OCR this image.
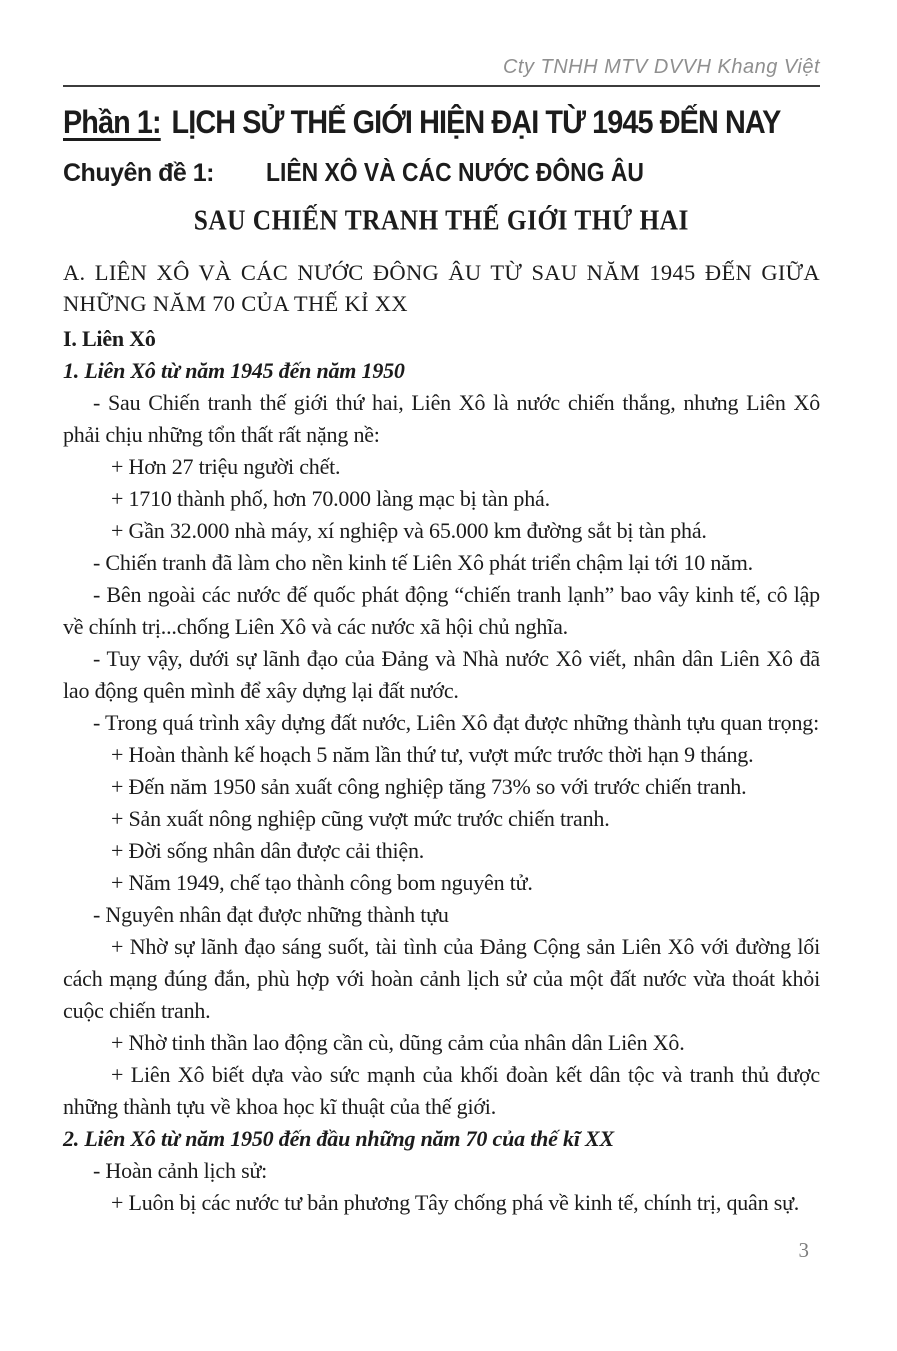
Cty TNHH MTV DVVH Khang Việt
Phần 1: LỊCH SỬ THẾ GIỚI HIỆN ĐẠI TỪ 1945 ĐẾN NAY
Chuyên đề 1: LIÊN XÔ VÀ CÁC NƯỚC ĐÔNG ÂU
SAU CHIẾN TRANH THẾ GIỚI THỨ HAI
A. LIÊN XÔ VÀ CÁC NƯỚC ĐÔNG ÂU TỪ SAU NĂM 1945 ĐẾN GIỮA NHỮNG NĂM 70 CỦA THẾ KỈ XX

I. Liên Xô

1. Liên Xô từ năm 1945 đến năm 1950

- Sau Chiến tranh thế giới thứ hai, Liên Xô là nước chiến thắng, nhưng Liên Xô phải chịu những tổn thất rất nặng nề:

+ Hơn 27 triệu người chết.

+ 1710 thành phố, hơn 70.000 làng mạc bị tàn phá.

+ Gần 32.000 nhà máy, xí nghiệp và 65.000 km đường sắt bị tàn phá.

- Chiến tranh đã làm cho nền kinh tế Liên Xô phát triển chậm lại tới 10 năm.

- Bên ngoài các nước đế quốc phát động “chiến tranh lạnh” bao vây kinh tế, cô lập về chính trị...chống Liên Xô và các nước xã hội chủ nghĩa.

- Tuy vậy, dưới sự lãnh đạo của Đảng và Nhà nước Xô viết, nhân dân Liên Xô đã lao động quên mình để xây dựng lại đất nước.

- Trong quá trình xây dựng đất nước, Liên Xô đạt được những thành tựu quan trọng:

+ Hoàn thành kế hoạch 5 năm lần thứ tư, vượt mức trước thời hạn 9 tháng.

+ Đến năm 1950 sản xuất công nghiệp tăng 73% so với trước chiến tranh.

+ Sản xuất nông nghiệp cũng vượt mức trước chiến tranh.

+ Đời sống nhân dân được cải thiện.

+ Năm 1949, chế tạo thành công bom nguyên tử.

- Nguyên nhân đạt được những thành tựu

+ Nhờ sự lãnh đạo sáng suốt, tài tình của Đảng Cộng sản Liên Xô với đường lối cách mạng đúng đắn, phù hợp với hoàn cảnh lịch sử của một đất nước vừa thoát khỏi cuộc chiến tranh.

+ Nhờ tinh thần lao động cần cù, dũng cảm của nhân dân Liên Xô.

+ Liên Xô biết dựa vào sức mạnh của khối đoàn kết dân tộc và tranh thủ được những thành tựu về khoa học kĩ thuật của thế giới.

2. Liên Xô từ năm 1950 đến đầu những năm 70 của thế kĩ XX

- Hoàn cảnh lịch sử:

+ Luôn bị các nước tư bản phương Tây chống phá về kinh tế, chính trị, quân sự.

3
